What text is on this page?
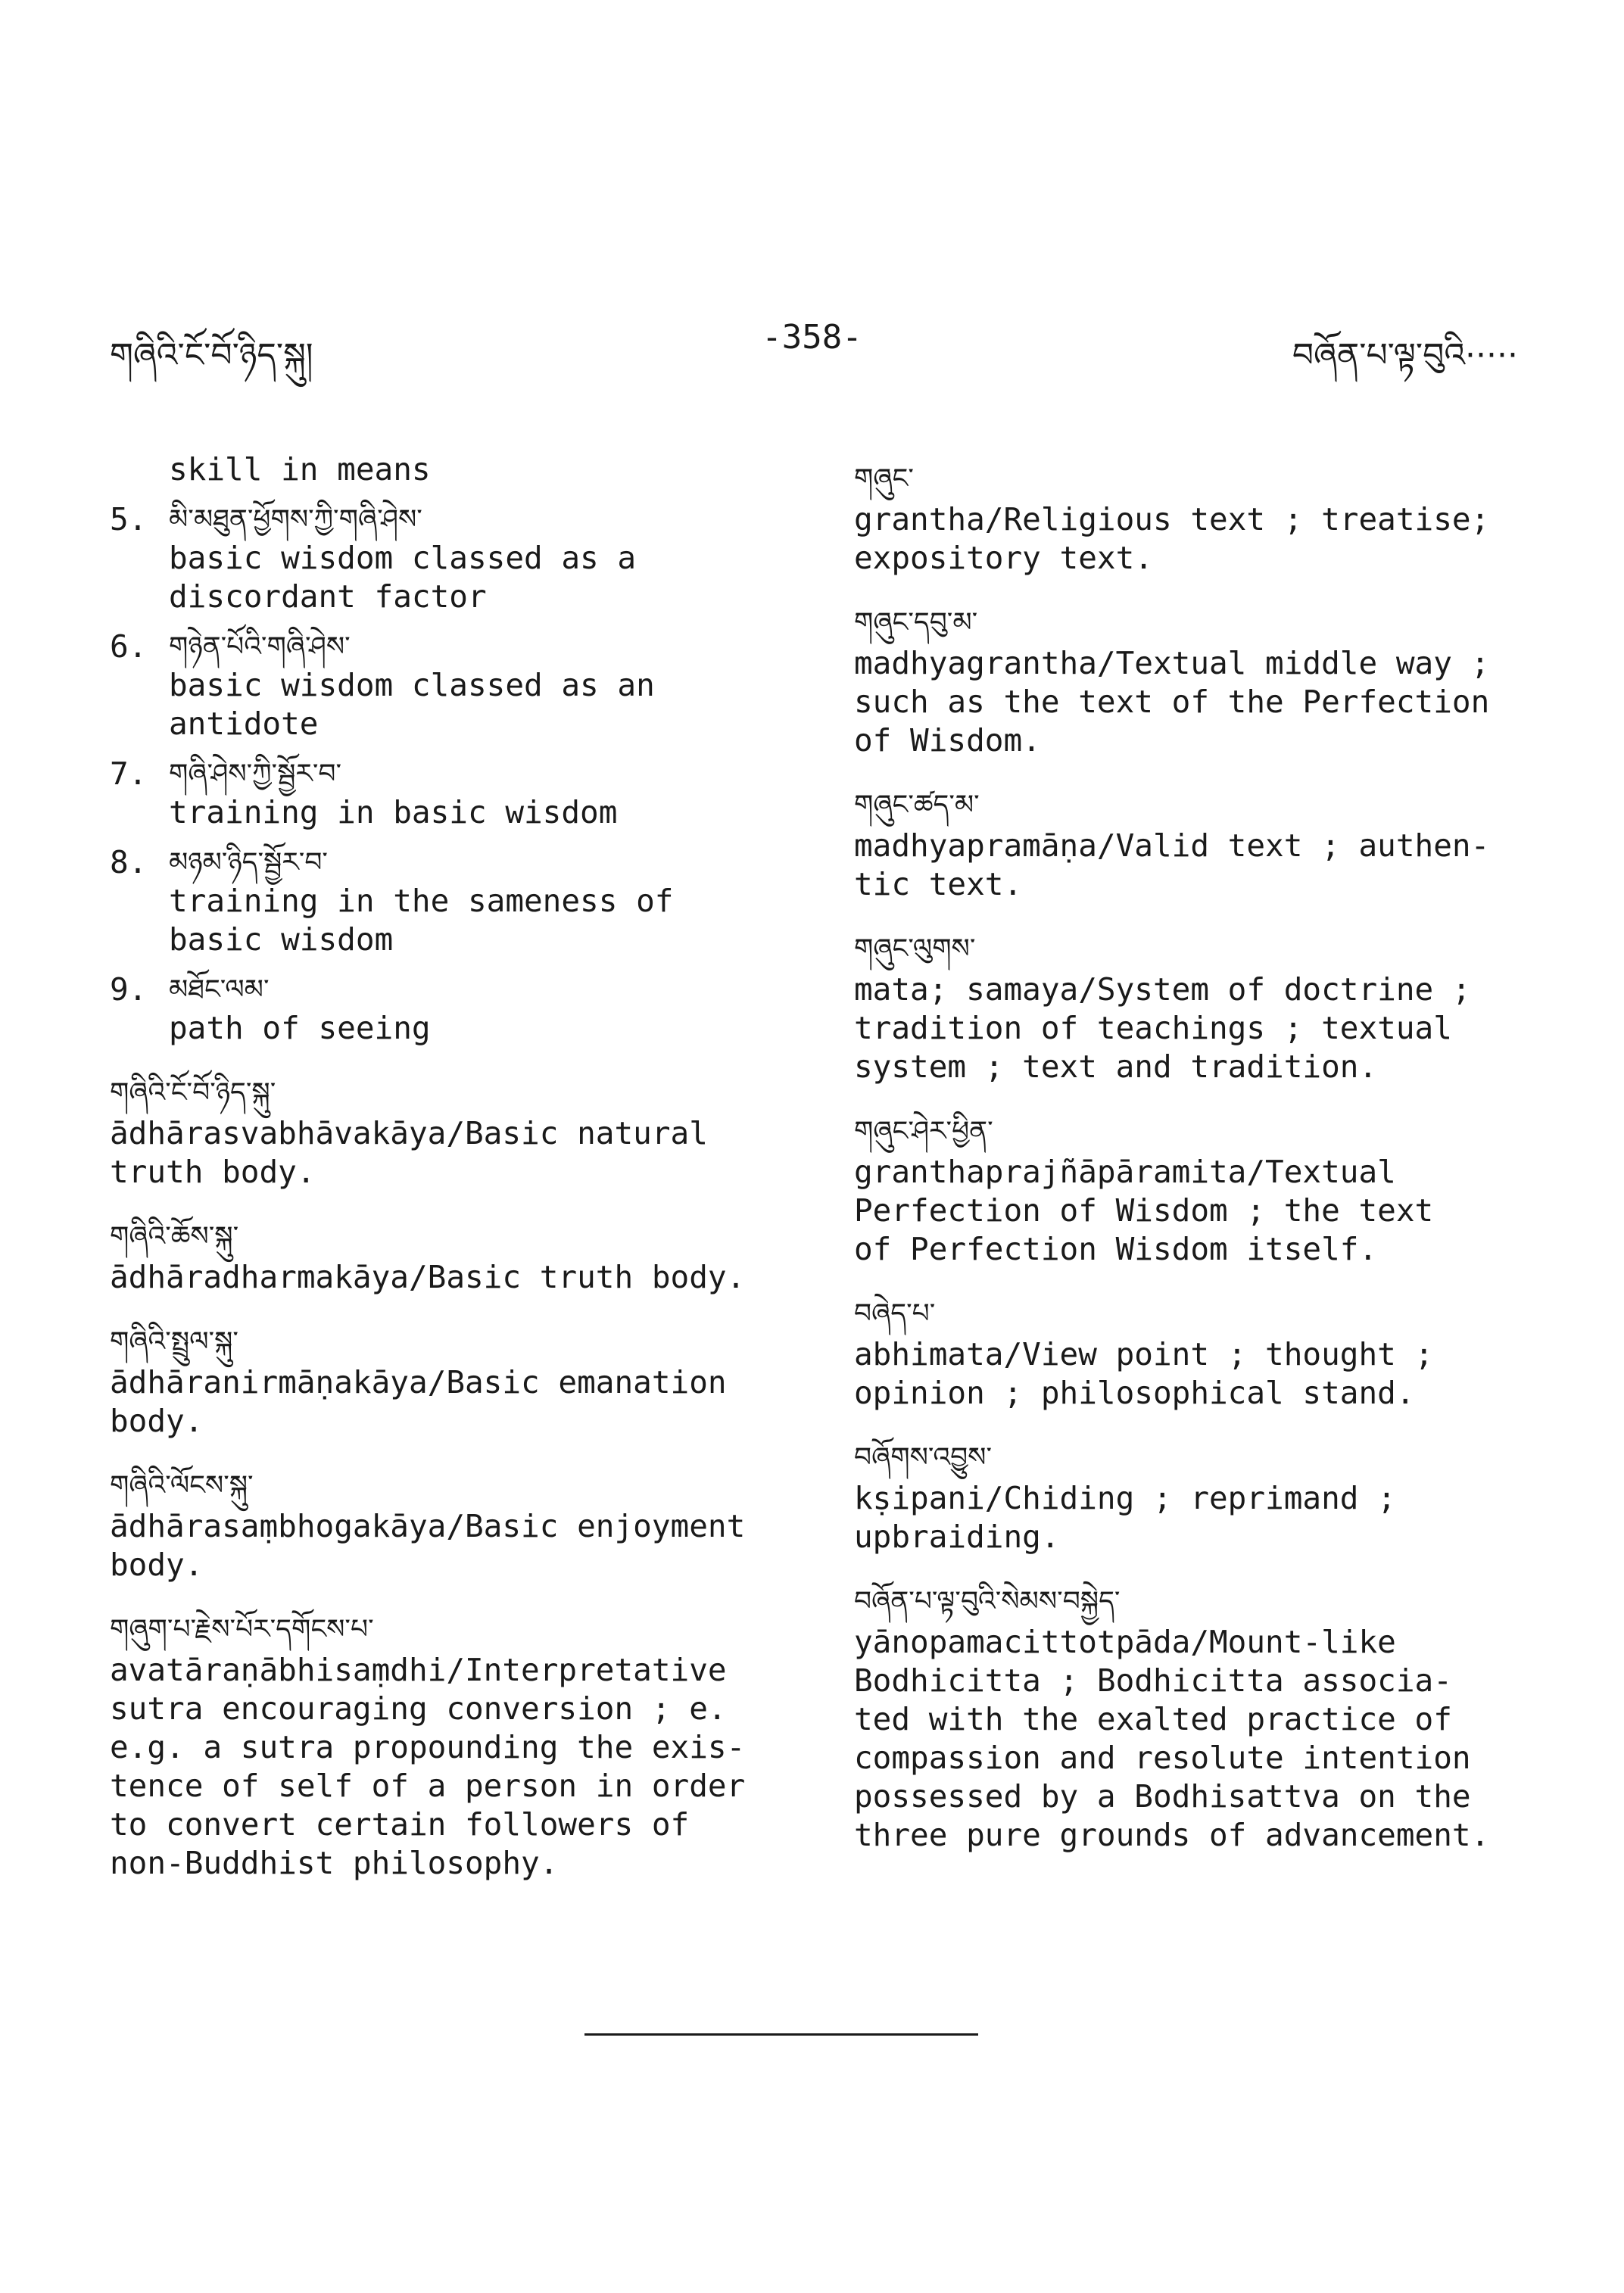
གཞིའི་ངོ་བོ་ཉིད་སྐུ།	-358-	བཞོན་པ་ལྟ་བུའི·····
skill in means
5. མི་མཐུན་ཕྱོགས་ཀྱི་གཞི་ཤེས་
basic wisdom classed as a
discordant factor
6. གཉེན་པོའི་གཞི་ཤེས་
basic wisdom classed as an
antidote
7. གཞི་ཤེས་ཀྱི་སྦྱོར་བ་
training in basic wisdom
8. མཉམ་ཉིད་སྦྱོར་བ་
training in the sameness of
basic wisdom
9. མཐོང་ལམ་
path of seeing
གཞིའི་ངོ་བོ་ཉིད་སྐུ་
ādhārasvabhāvakāya/Basic natural
truth body.
གཞིའི་ཆོས་སྐུ་
ādhāradharmakāya/Basic truth body.
གཞིའི་སྤྲུལ་སྐུ་
ādhāranirmāṇakāya/Basic emanation
body.
གཞིའི་ལོངས་སྐུ་
ādhārasaṃbhogakāya/Basic enjoyment
body.
གཞུག་པ་རྗེས་པོར་དགོངས་པ་
avatāraṇābhisaṃdhi/Interpretative
sutra encouraging conversion ; e.
e.g. a sutra propounding the exis-
tence of self of a person in order
to convert certain followers of
non-Buddhist philosophy.
གཞུང་
grantha/Religious text ; treatise;
expository text.
གཞུང་དབུ་མ་
madhyagrantha/Textual middle way ;
such as the text of the Perfection
of Wisdom.
གཞུང་ཚད་མ་
madhyapramāṇa/Valid text ; authen-
tic text.
གཞུང་ལུགས་
mata; samaya/System of doctrine ;
tradition of teachings ; textual
system ; text and tradition.
གཞུང་ཤེར་ཕྱིན་
granthaprajñāpāramita/Textual
Perfection of Wisdom ; the text
of Perfection Wisdom itself.
བཞེད་པ་
abhimata/View point ; thought ;
opinion ; philosophical stand.
བཞོགས་འབྱུས་
kṣipani/Chiding ; reprimand ;
upbraiding.
བཞོན་པ་ལྟ་བུའི་སེམས་བསྐྱེད་
yānopamacittotpāda/Mount-like
Bodhicitta ; Bodhicitta associa-
ted with the exalted practice of
compassion and resolute intention
possessed by a Bodhisattva on the
three pure grounds of advancement.
